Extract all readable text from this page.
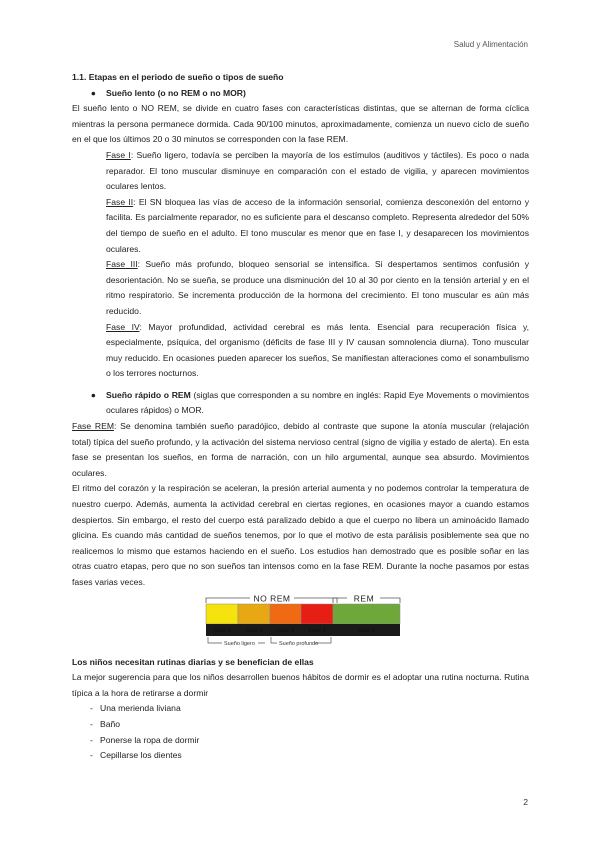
Salud y Alimentación
1.1. Etapas en el periodo de sueño o tipos de sueño
●	Sueño lento (o no REM o no MOR)

El sueño lento o NO REM, se divide en cuatro fases con características distintas, que se alternan de forma cíclica mientras la persona permanece dormida. Cada 90/100 minutos, aproximadamente, comienza un nuevo ciclo de sueño en el que los últimos 20 o 30 minutos se corresponden con la fase REM.

Fase I: Sueño ligero, todavía se perciben la mayoría de los estímulos (auditivos y táctiles). Es poco o nada reparador. El tono muscular disminuye en comparación con el estado de vigilia, y aparecen movimientos oculares lentos.

Fase II: El SN bloquea las vías de acceso de la información sensorial, comienza desconexión del entorno y facilita. Es parcialmente reparador, no es suficiente para el descanso completo. Representa alrededor del 50% del tiempo de sueño en el adulto. El tono muscular es menor que en fase I, y desaparecen los movimientos oculares.

Fase III: Sueño más profundo, bloqueo sensorial se intensifica. Si despertamos sentimos confusión y desorientación. No se sueña, se produce una disminución del 10 al 30 por ciento en la tensión arterial y en el ritmo respiratorio. Se incrementa producción de la hormona del crecimiento. El tono muscular es aún más reducido.

Fase IV: Mayor profundidad, actividad cerebral es más lenta. Esencial para recuperación física y, especialmente, psíquica, del organismo (déficits de fase III y IV causan somnolencia diurna). Tono muscular muy reducido. En ocasiones pueden aparecer los sueños, Se manifiestan alteraciones como el sonambulismo o los terrores nocturnos.

●	Sueño rápido o REM (siglas que corresponden a su nombre en inglés: Rapid Eye Movements o movimientos oculares rápidos) o MOR.

Fase REM: Se denomina también sueño paradójico, debido al contraste que supone la atonía muscular (relajación total) típica del sueño profundo, y la activación del sistema nervioso central (signo de vigilia y estado de alerta). En esta fase se presentan los sueños, en forma de narración, con un hilo argumental, aunque sea absurdo. Movimientos oculares.

El ritmo del corazón y la respiración se aceleran, la presión arterial aumenta y no podemos controlar la temperatura de nuestro cuerpo. Además, aumenta la actividad cerebral en ciertas regiones, en ocasiones mayor a cuando estamos despiertos. Sin embargo, el resto del cuerpo está paralizado debido a que el cuerpo no libera un aminoácido llamado glicina. Es cuando más cantidad de sueños tenemos, por lo que el motivo de esta parálisis posiblemente sea que no realicemos lo mismo que estamos haciendo en el sueño. Los estudios han demostrado que es posible soñar en las otras cuatro etapas, pero que no son sueños tan intensos como en la fase REM. Durante la noche pasamos por estas fases varias veces.

NO REM	REM
Fase 1	Fase 2	Fase 3	Fase 4	Fase 5
Sueño ligero	Sueño profundo
Los niños necesitan rutinas diarias y se benefician de ellas

La mejor sugerencia para que los niños desarrollen buenos hábitos de dormir es el adoptar una rutina nocturna. Rutina típica a la hora de retirarse a dormir

- Una merienda liviana
- Baño
- Ponerse la ropa de dormir
- Cepillarse los dientes
2
